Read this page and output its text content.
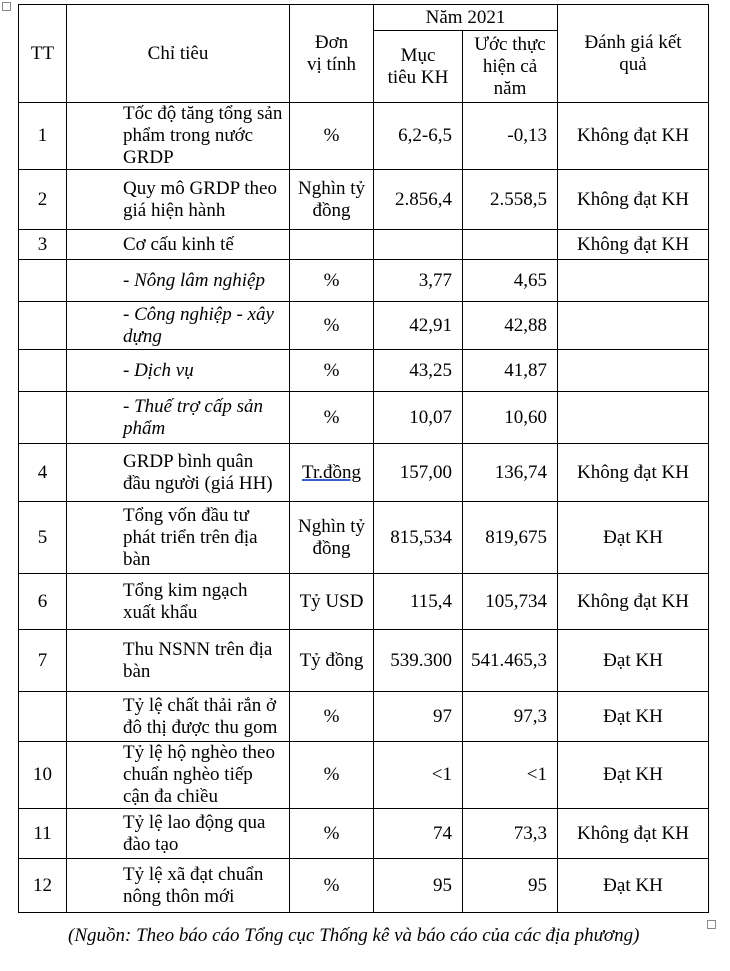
TT	Chỉ tiêu	Đơn vị tính	Năm 2021		Đánh giá kết quả
			Mục tiêu KH	Ước thực hiện cả năm	
1	Tốc độ tăng tổng sản phẩm trong nước GRDP	%	6,2-6,5	-0,13	Không đạt KH
2	Quy mô GRDP theo giá hiện hành	Nghìn tỷ đồng	2.856,4	2.558,5	Không đạt KH
3	Cơ cấu kinh tế				Không đạt KH
	- Nông lâm nghiệp	%	3,77	4,65	
	- Công nghiệp - xây dựng	%	42,91	42,88	
	- Dịch vụ	%	43,25	41,87	
	- Thuế trợ cấp sản phẩm	%	10,07	10,60	
4	GRDP bình quân đầu người (giá HH)	Tr.đồng	157,00	136,74	Không đạt KH
5	Tổng vốn đầu tư phát triển trên địa bàn	Nghìn tỷ đồng	815,534	819,675	Đạt KH
6	Tổng kim ngạch xuất khẩu	Tỷ USD	115,4	105,734	Không đạt KH
7	Thu NSNN trên địa bàn	Tỷ đồng	539.300	541.465,3	Đạt KH
	Tỷ lệ chất thải rắn ở đô thị được thu gom	%	97	97,3	Đạt KH
10	Tỷ lệ hộ nghèo theo chuẩn nghèo tiếp cận đa chiều	%	<1	<1	Đạt KH
11	Tỷ lệ lao động qua đào tạo	%	74	73,3	Không đạt KH
12	Tỷ lệ xã đạt chuẩn nông thôn mới	%	95	95	Đạt KH
(Nguồn: Theo báo cáo Tổng cục Thống kê và báo cáo của các địa phương)
